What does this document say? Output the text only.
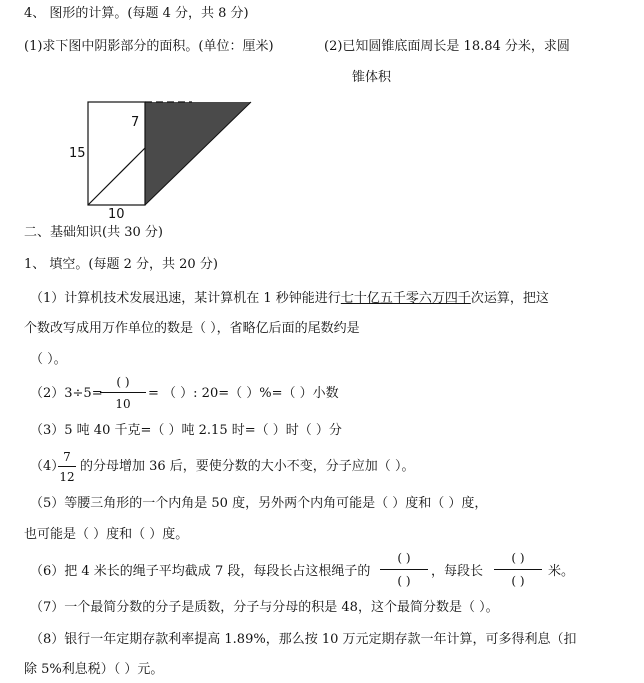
4、 图形的计算。(每题 4 分，共 8 分)
(1)求下图中阴影部分的面积。(单位：厘米)	(2)已知圆锥底面周长是 18.84 分米，求圆
锥体积
15
7
10
二、基础知识(共 30 分)
1、 填空。(每题 2 分，共 20 分)
（1）计算机技术发展迅速，某计算机在 1 秒钟能进行七十亿五千零六万四千次运算，把这
个数改写成用万作单位的数是（ ），省略亿后面的尾数约是
（ ）。
（2）3÷5=
( )
10
= （ ）: 20=（ ）%=（ ）小数
（3）5 吨 40 千克=（ ）吨 2.15 时=（ ）时（ ）分
（4）
7
12
的分母增加 36 后，要使分数的大小不变，分子应加（ ）。
（5）等腰三角形的一个内角是 50 度，另外两个内角可能是（ ）度和（ ）度，
也可能是（ ）度和（ ）度。
（6）把 4 米长的绳子平均截成 7 段，每段长占这根绳子的
( )
( )
，每段长
( )
( )
米。
（7）一个最简分数的分子是质数，分子与分母的积是 48，这个最简分数是（ ）。
（8）银行一年定期存款利率提高 1.89%，那么按 10 万元定期存款一年计算，可多得利息（扣
除 5%利息税）（ ）元。
